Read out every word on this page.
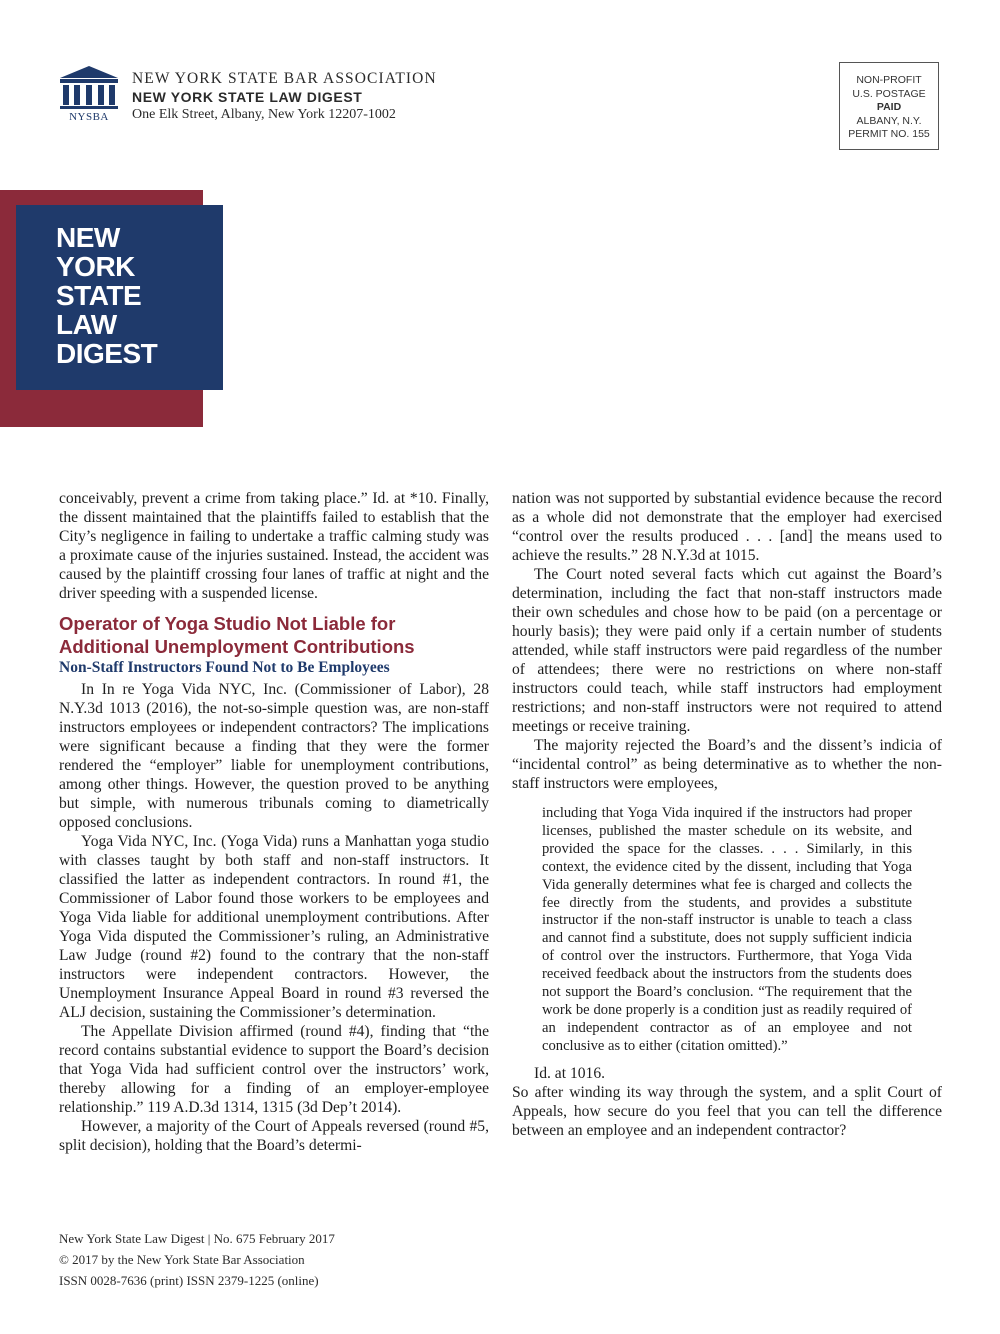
NYSBA
NEW YORK STATE BAR ASSOCIATION
NEW YORK STATE LAW DIGEST
One Elk Street, Albany, New York 12207-1002
NON-PROFIT
U.S. POSTAGE
PAID
ALBANY, N.Y.
PERMIT NO. 155
NEW
YORK
STATE
LAW
DIGEST

conceivably, prevent a crime from taking place.” Id. at *10. Finally, the dissent maintained that the plaintiffs failed to establish that the City’s negligence in failing to undertake a traffic calming study was a proximate cause of the injuries sustained. Instead, the accident was caused by the plaintiff crossing four lanes of traffic at night and the driver speeding with a suspended license.

Operator of Yoga Studio Not Liable for Additional Unemployment Contributions
Non-Staff Instructors Found Not to Be Employees

In In re Yoga Vida NYC, Inc. (Commissioner of Labor), 28 N.Y.3d 1013 (2016), the not-so-simple question was, are non-staff instructors employees or independent contractors? The implications were significant because a finding that they were the former rendered the “employer” liable for unemployment contributions, among other things. However, the question proved to be anything but simple, with numerous tribunals coming to diametrically opposed conclusions.

Yoga Vida NYC, Inc. (Yoga Vida) runs a Manhattan yoga studio with classes taught by both staff and non-staff instructors. It classified the latter as independent contractors. In round #1, the Commissioner of Labor found those workers to be employees and Yoga Vida liable for additional unemployment contributions. After Yoga Vida disputed the Commissioner’s ruling, an Administrative Law Judge (round #2) found to the contrary that the non-staff instructors were independent contractors. However, the Unemployment Insurance Appeal Board in round #3 reversed the ALJ decision, sustaining the Commissioner’s determination.

The Appellate Division affirmed (round #4), finding that “the record contains substantial evidence to support the Board’s decision that Yoga Vida had sufficient control over the instructors’ work, thereby allowing for a finding of an employer-employee relationship.” 119 A.D.3d 1314, 1315 (3d Dep’t 2014).

However, a majority of the Court of Appeals reversed (round #5, split decision), holding that the Board’s determi-

nation was not supported by substantial evidence because the record as a whole did not demonstrate that the employer had exercised “control over the results produced . . . [and] the means used to achieve the results.” 28 N.Y.3d at 1015.

The Court noted several facts which cut against the Board’s determination, including the fact that non-staff instructors made their own schedules and chose how to be paid (on a percentage or hourly basis); they were paid only if a certain number of students attended, while staff instructors were paid regardless of the number of attendees; there were no restrictions on where non-staff instructors could teach, while staff instructors had employment restrictions; and non-staff instructors were not required to attend meetings or receive training.

The majority rejected the Board’s and the dissent’s indicia of “incidental control” as being determinative as to whether the non-staff instructors were employees,

including that Yoga Vida inquired if the instructors had proper licenses, published the master schedule on its website, and provided the space for the classes. . . . Similarly, in this context, the evidence cited by the dissent, including that Yoga Vida generally determines what fee is charged and collects the fee directly from the students, and provides a substitute instructor if the non-staff instructor is unable to teach a class and cannot find a substitute, does not supply sufficient indicia of control over the instructors. Furthermore, that Yoga Vida received feedback about the instructors from the students does not support the Board’s conclusion. “The requirement that the work be done properly is a condition just as readily required of an independent contractor as of an employee and not conclusive as to either (citation omitted).”

Id. at 1016.

So after winding its way through the system, and a split Court of Appeals, how secure do you feel that you can tell the difference between an employee and an independent contractor?

New York State Law Digest | No. 675 February 2017
© 2017 by the New York State Bar Association
ISSN 0028-7636 (print) ISSN 2379-1225 (online)
